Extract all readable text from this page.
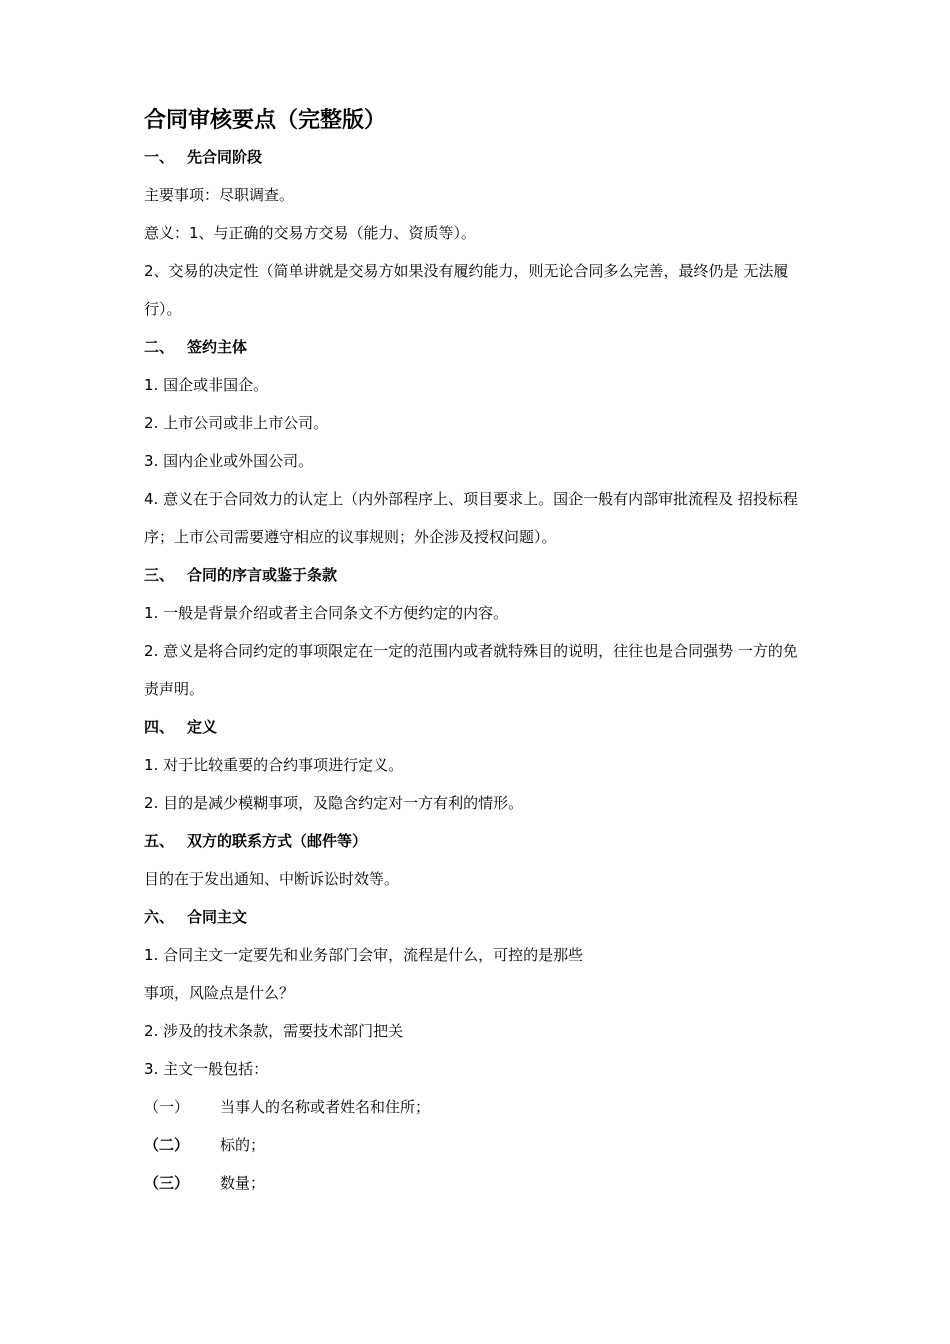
合同审核要点（完整版）
一、 先合同阶段
主要事项：尽职调查。
意义：1、与正确的交易方交易（能力、资质等）。
2、交易的决定性（简单讲就是交易方如果没有履约能力，则无论合同多么完善，最终仍是 无法履行）。
二、 签约主体
1. 国企或非国企。
2. 上市公司或非上市公司。
3. 国内企业或外国公司。
4. 意义在于合同效力的认定上（内外部程序上、项目要求上。国企一般有内部审批流程及 招投标程序；上市公司需要遵守相应的议事规则；外企涉及授权问题）。
三、 合同的序言或鉴于条款
1. 一般是背景介绍或者主合同条文不方便约定的内容。
2. 意义是将合同约定的事项限定在一定的范围内或者就特殊目的说明，往往也是合同强势 一方的免责声明。
四、 定义
1. 对于比较重要的合约事项进行定义。
2. 目的是减少模糊事项，及隐含约定对一方有利的情形。
五、 双方的联系方式（邮件等）
目的在于发出通知、中断诉讼时效等。
六、 合同主文
1. 合同主文一定要先和业务部门会审，流程是什么，可控的是那些
事项，风险点是什么？
2. 涉及的技术条款，需要技术部门把关
3. 主文一般包括：
（一） 当事人的名称或者姓名和住所；
（二） 标的；
（三） 数量；
